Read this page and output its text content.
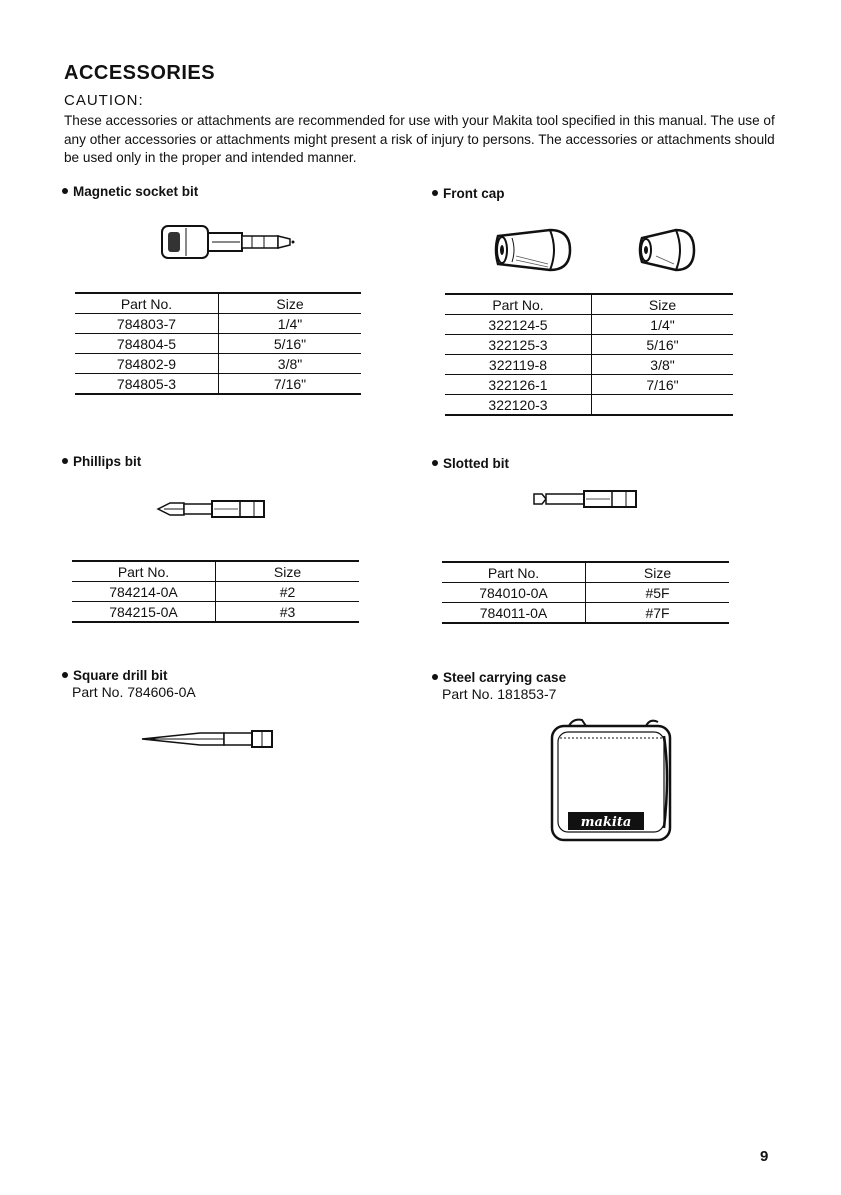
ACCESSORIES
CAUTION:
These accessories or attachments are recommended for use with your Makita tool specified in this manual. The use of any other accessories or attachments might present a risk of injury to persons. The accessories or attachments should be used only in the proper and intended manner.
Magnetic socket bit
Part No.	Size
784803-7	1/4"
784804-5	5/16"
784802-9	3/8"
784805-3	7/16"
Front cap
Part No.	Size
322124-5	1/4"
322125-3	5/16"
322119-8	3/8"
322126-1	7/16"
322120-3	
Phillips bit
Part No.	Size
784214-0A	#2
784215-0A	#3
Slotted bit
Part No.	Size
784010-0A	#5F
784011-0A	#7F
Square drill bit
Part No. 784606-0A
Steel carrying case
Part No. 181853-7
makita
9
